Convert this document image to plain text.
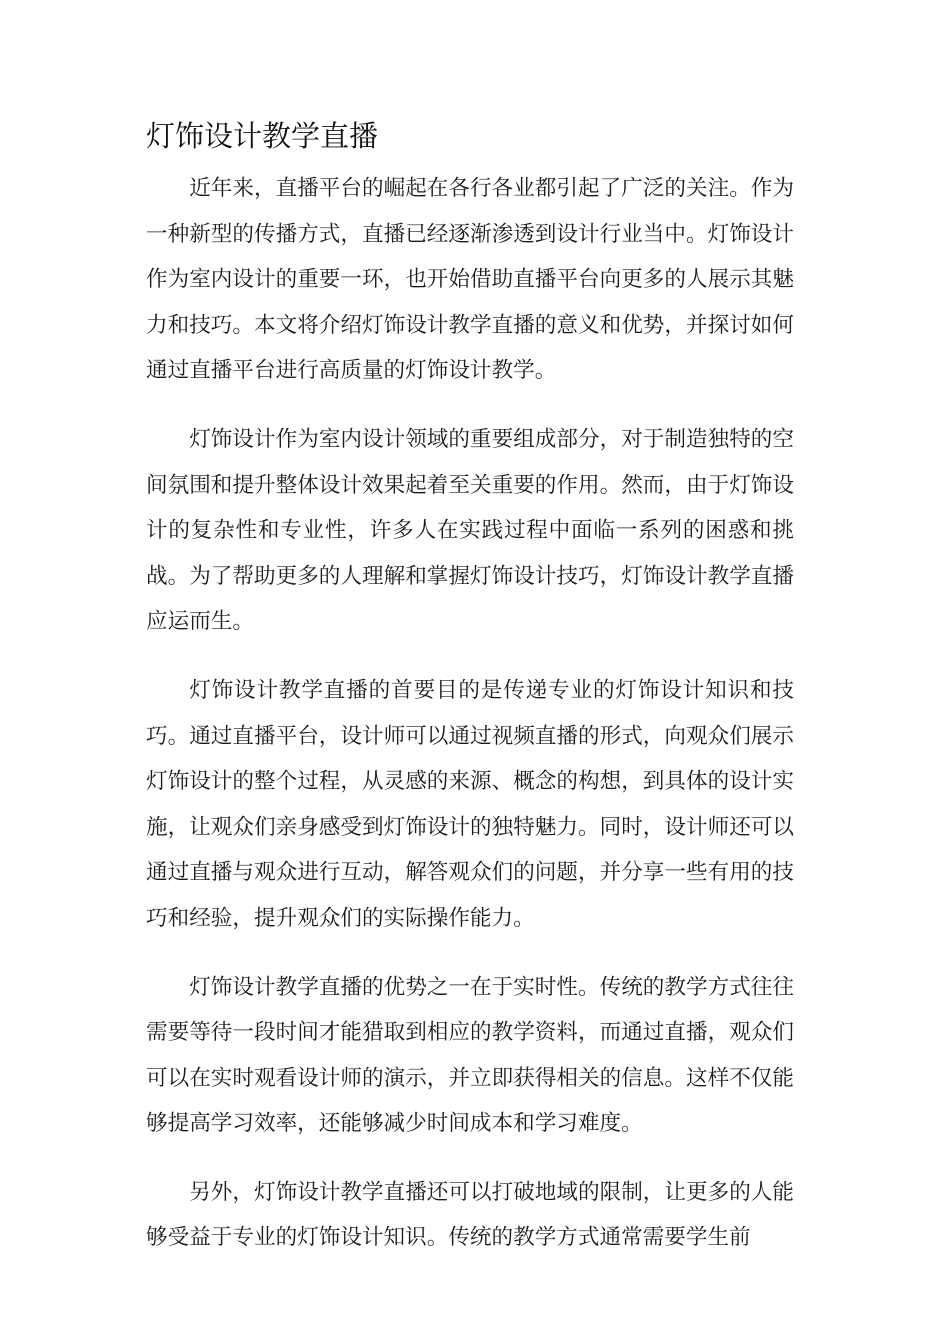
灯饰设计教学直播

近年来，直播平台的崛起在各行各业都引起了广泛的关注。作为一种新型的传播方式，直播已经逐渐渗透到设计行业当中。灯饰设计作为室内设计的重要一环，也开始借助直播平台向更多的人展示其魅力和技巧。本文将介绍灯饰设计教学直播的意义和优势，并探讨如何通过直播平台进行高质量的灯饰设计教学。

灯饰设计作为室内设计领域的重要组成部分，对于制造独特的空间氛围和提升整体设计效果起着至关重要的作用。然而，由于灯饰设计的复杂性和专业性，许多人在实践过程中面临一系列的困惑和挑战。为了帮助更多的人理解和掌握灯饰设计技巧，灯饰设计教学直播应运而生。

灯饰设计教学直播的首要目的是传递专业的灯饰设计知识和技巧。通过直播平台，设计师可以通过视频直播的形式，向观众们展示灯饰设计的整个过程，从灵感的来源、概念的构想，到具体的设计实施，让观众们亲身感受到灯饰设计的独特魅力。同时，设计师还可以通过直播与观众进行互动，解答观众们的问题，并分享一些有用的技巧和经验，提升观众们的实际操作能力。

灯饰设计教学直播的优势之一在于实时性。传统的教学方式往往需要等待一段时间才能猎取到相应的教学资料，而通过直播，观众们可以在实时观看设计师的演示，并立即获得相关的信息。这样不仅能够提高学习效率，还能够减少时间成本和学习难度。

另外，灯饰设计教学直播还可以打破地域的限制，让更多的人能够受益于专业的灯饰设计知识。传统的教学方式通常需要学生前
